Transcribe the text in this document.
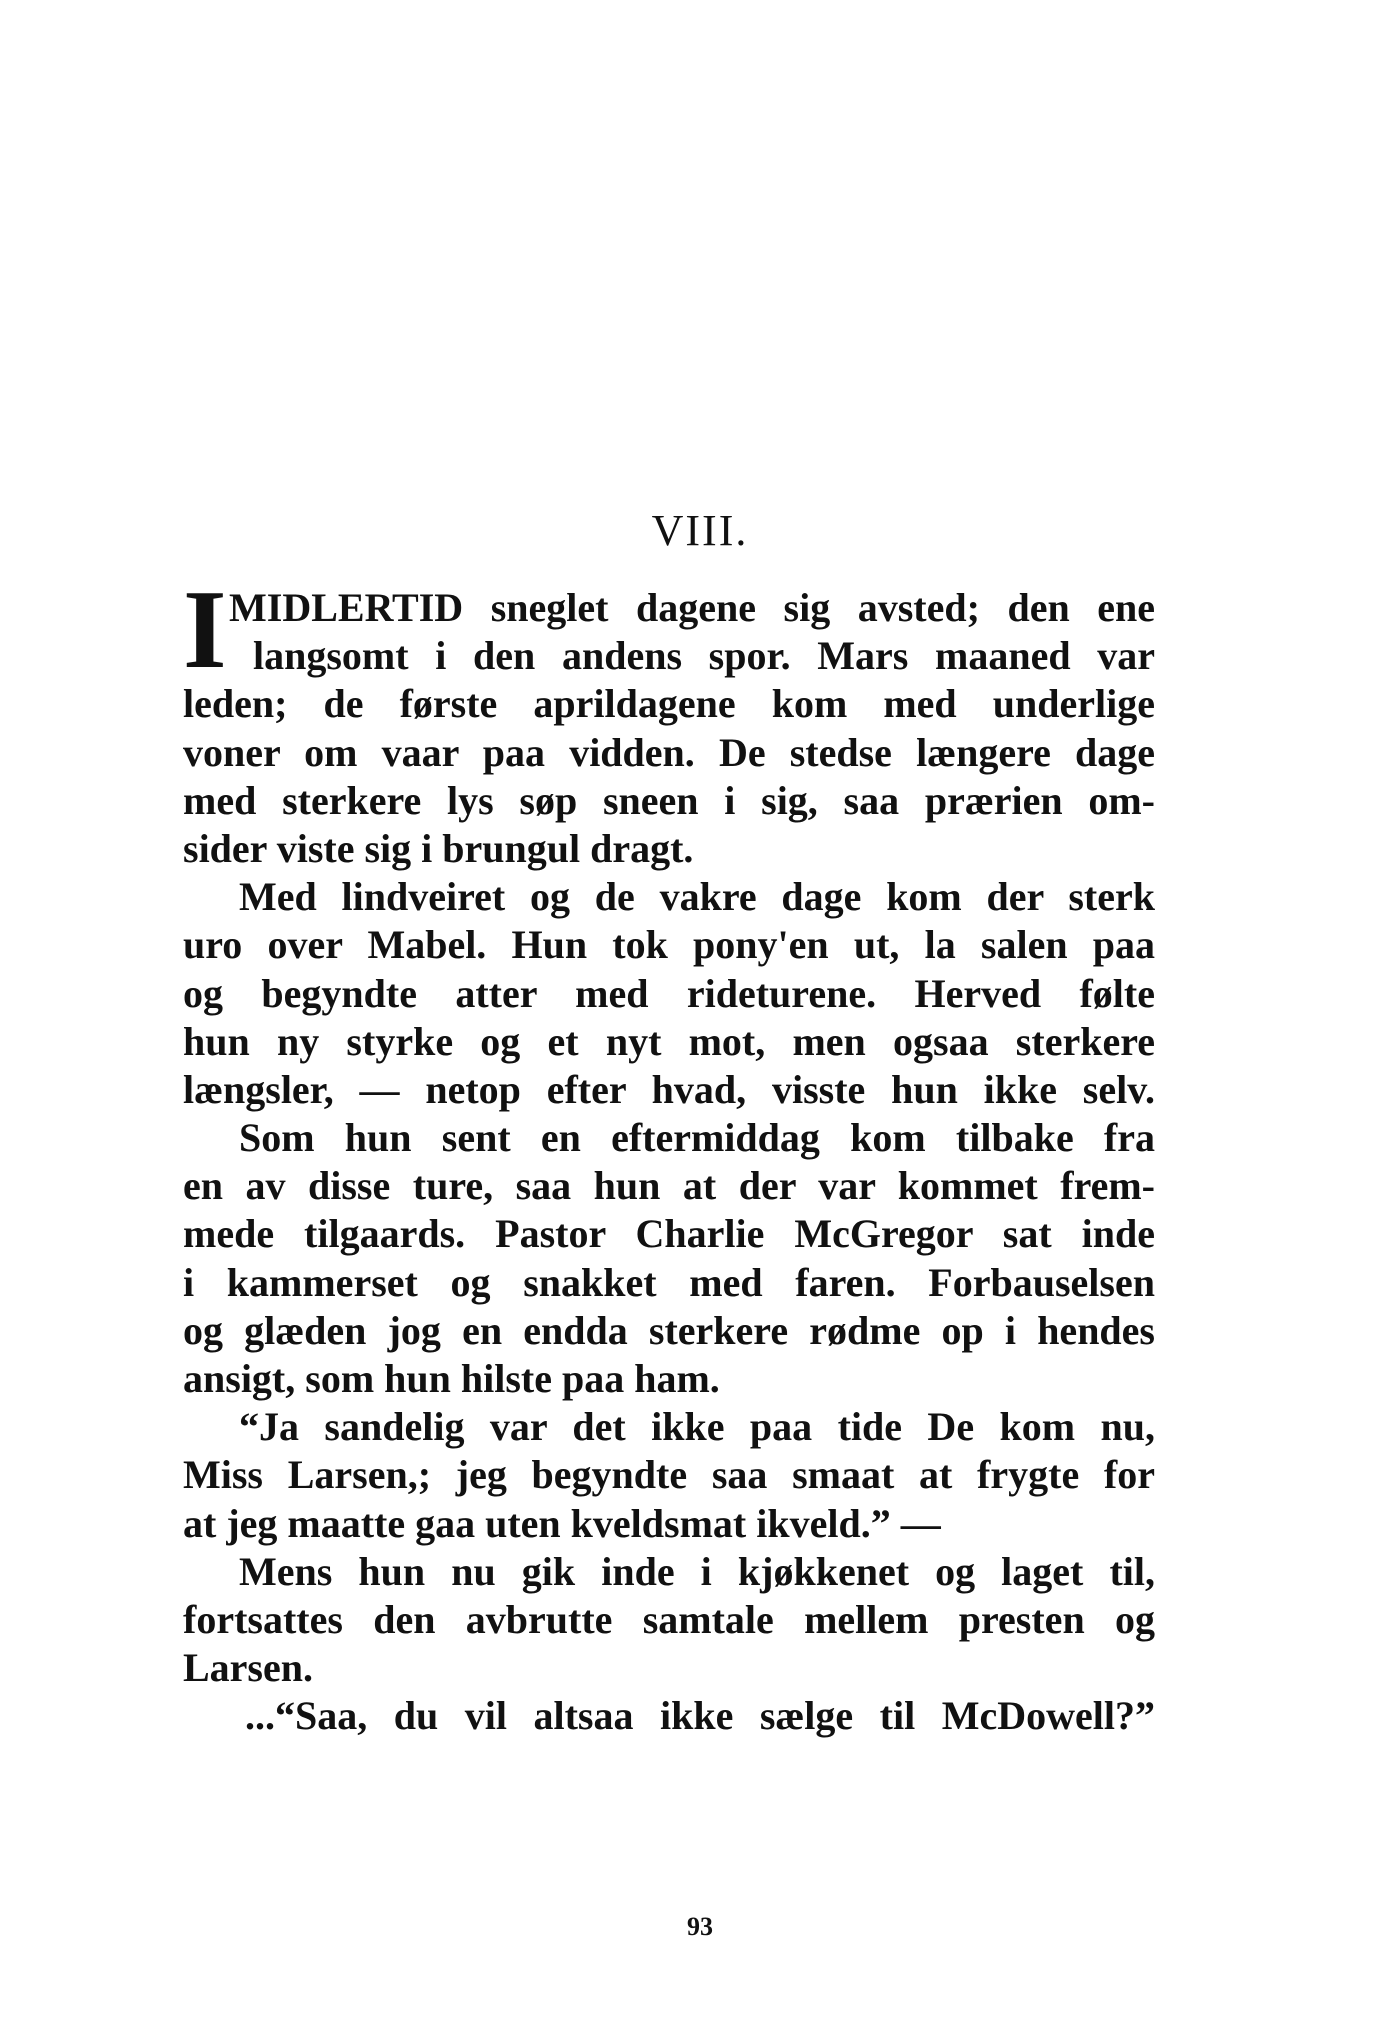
VIII.
I MIDLERTID sneglet dagene sig avsted; den ene
langsomt i den andens spor. Mars maaned var
leden; de første aprildagene kom med underlige
voner om vaar paa vidden. De stedse længere dage
med sterkere lys søp sneen i sig, saa prærien om-
sider viste sig i brungul dragt.
Med lindveiret og de vakre dage kom der sterk
uro over Mabel. Hun tok pony'en ut, la salen paa
og begyndte atter med rideturene. Herved følte
hun ny styrke og et nyt mot, men ogsaa sterkere
længsler, — netop efter hvad, visste hun ikke selv.
Som hun sent en eftermiddag kom tilbake fra
en av disse ture, saa hun at der var kommet frem-
mede tilgaards. Pastor Charlie McGregor sat inde
i kammerset og snakket med faren. Forbauselsen
og glæden jog en endda sterkere rødme op i hendes
ansigt, som hun hilste paa ham.
“Ja sandelig var det ikke paa tide De kom nu,
Miss Larsen,; jeg begyndte saa smaat at frygte for
at jeg maatte gaa uten kveldsmat ikveld.” —
Mens hun nu gik inde i kjøkkenet og laget til,
fortsattes den avbrutte samtale mellem presten og
Larsen.
...“Saa, du vil altsaa ikke sælge til McDowell?”
93
